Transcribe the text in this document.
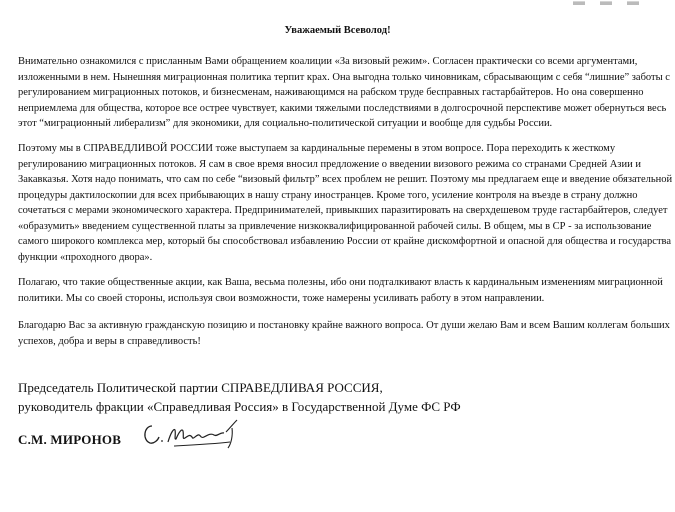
▬ ▬ ▬
Уважаемый Всеволод!
Внимательно ознакомился с присланным Вами обращением коалиции «За визовый режим». Согласен практически со всеми аргументами,
изложенными в нем. Нынешняя миграционная политика терпит крах. Она выгодна только чиновникам, сбрасывающим с себя “лишние” заботы с
регулированием миграционных потоков, и бизнесменам, наживающимся на рабском труде бесправных гастарбайтеров. Но она совершенно
неприемлема для общества, которое все острее чувствует, какими тяжелыми последствиями в долгосрочной перспективе может обернуться весь
этот “миграционный либерализм” для экономики, для социально-политической ситуации и вообще для судьбы России.
Поэтому мы в СПРАВЕДЛИВОЙ РОССИИ тоже выступаем за кардинальные перемены в этом вопросе. Пора переходить к жесткому
регулированию миграционных потоков. Я сам в свое время вносил предложение о введении визового режима со странами Средней Азии и
Закавказья. Хотя надо понимать, что сам по себе “визовый фильтр” всех проблем не решит. Поэтому мы предлагаем еще и введение обязательной
процедуры дактилоскопии для всех прибывающих в нашу страну иностранцев. Кроме того, усиление контроля на въезде в страну должно
сочетаться с мерами экономического характера. Предпринимателей, привыкших паразитировать на сверхдешевом труде гастарбайтеров, следует
«образумить» введением существенной платы за привлечение низкоквалифицированной рабочей силы. В общем, мы в СР - за использование
самого широкого комплекса мер, который бы способствовал избавлению России от крайне дискомфортной и опасной для общества и государства
функции «проходного двора».
Полагаю, что такие общественные акции, как Ваша, весьма полезны, ибо они подталкивают власть к кардинальным изменениям миграционной
политики. Мы со своей стороны, используя свои возможности, тоже намерены усиливать работу в этом направлении.
Благодарю Вас за активную гражданскую позицию и постановку крайне важного вопроса. От души желаю Вам и всем Вашим коллегам больших
успехов, добра и веры в справедливость!
Председатель Политической партии СПРАВЕДЛИВАЯ РОССИЯ,
руководитель фракции «Справедливая Россия» в Государственной Думе ФС РФ
С.М. МИРОНОВ
